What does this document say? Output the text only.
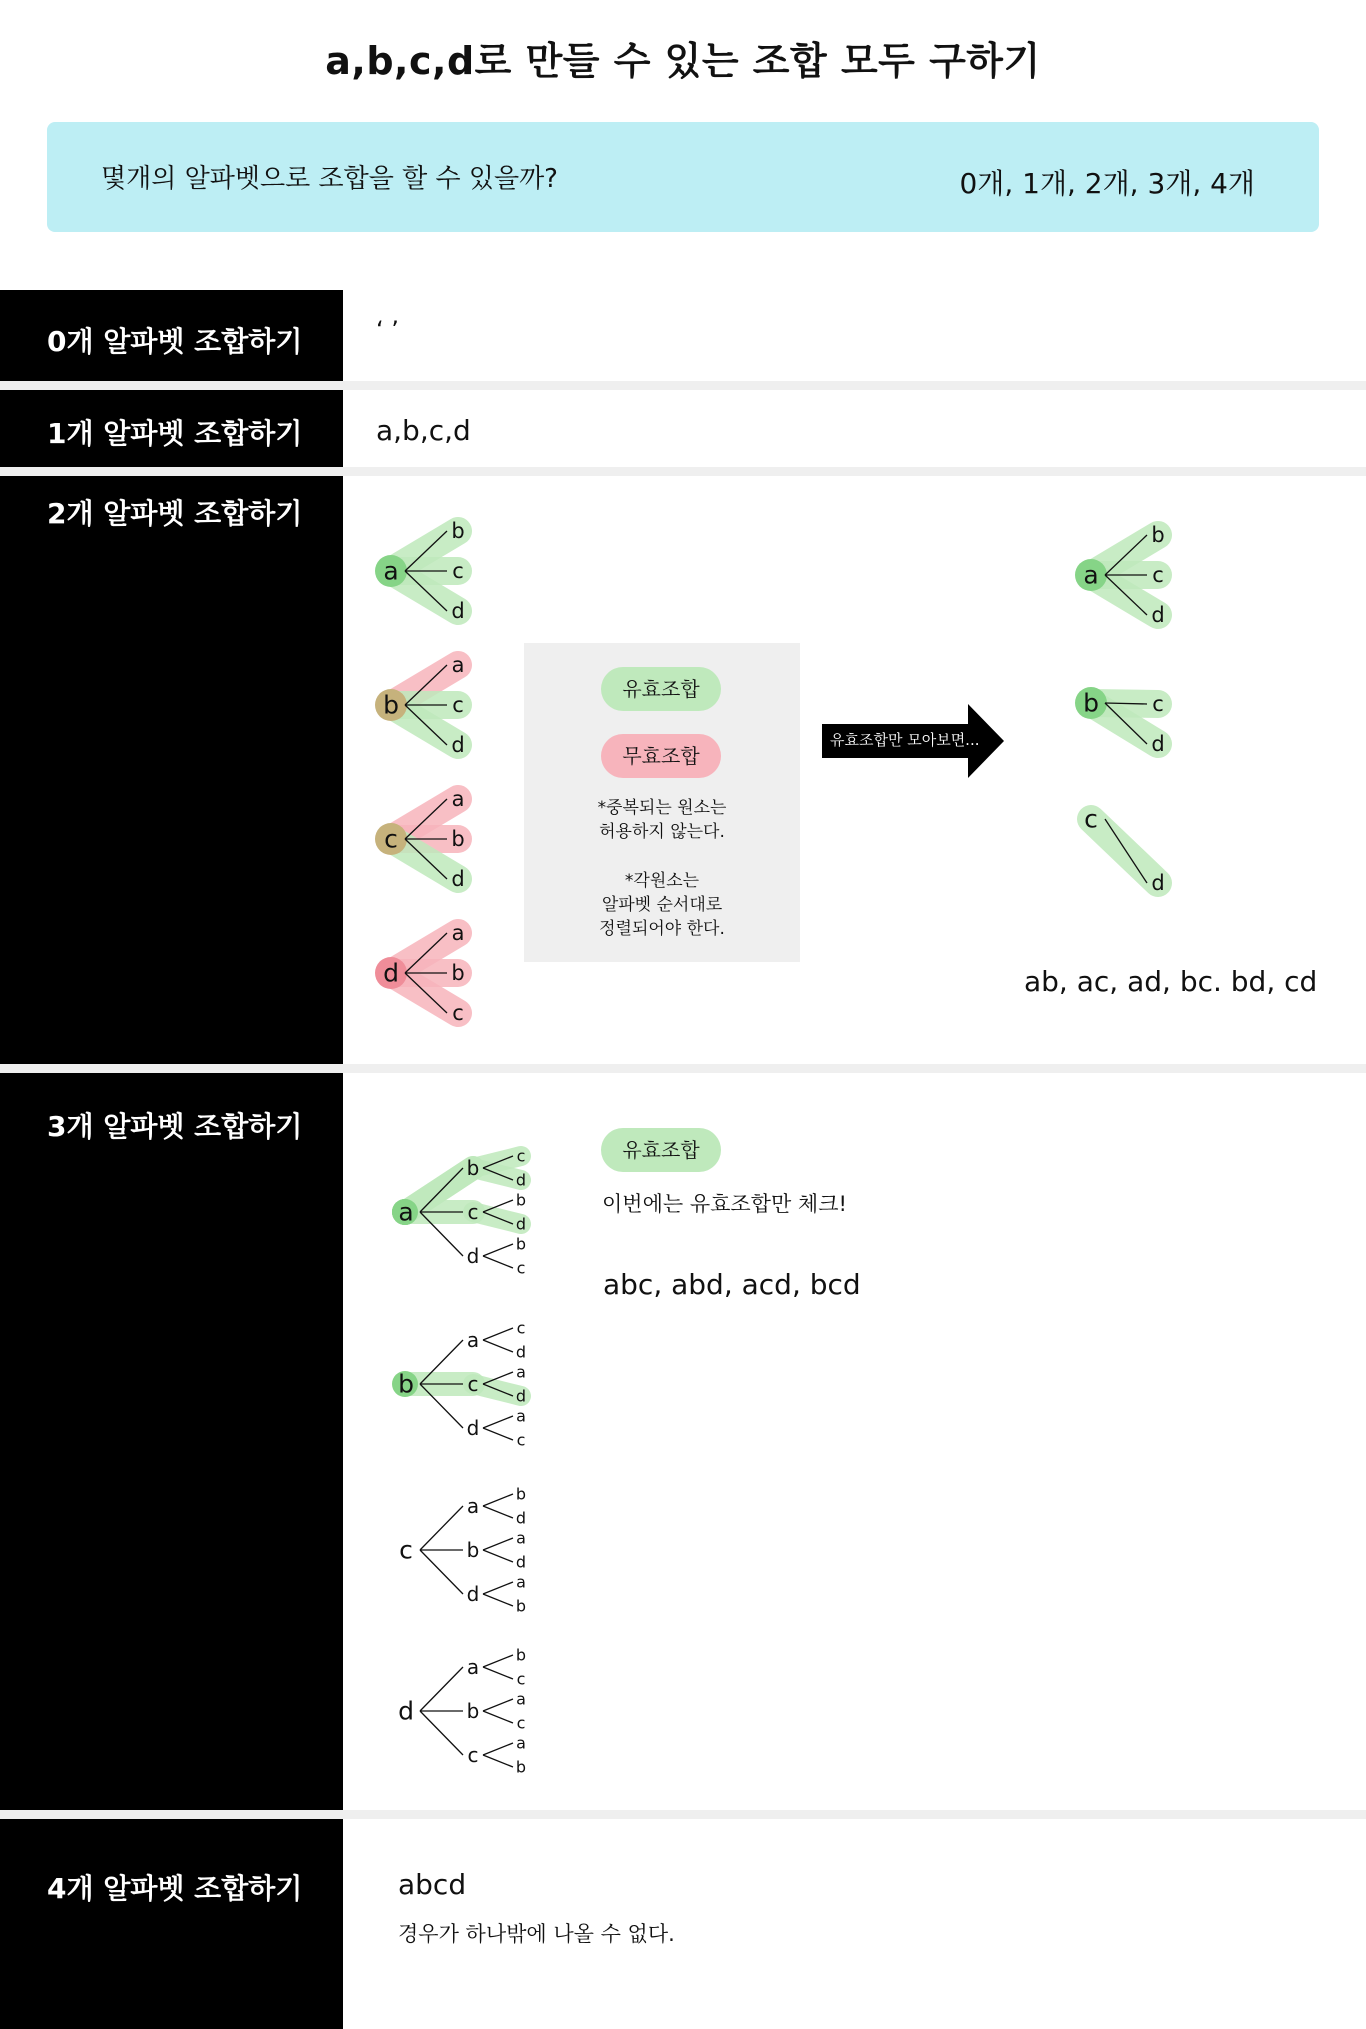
a,b,c,d로 만들 수 있는 조합 모두 구하기
몇개의 알파벳으로 조합을 할 수 있을까?	0개, 1개, 2개, 3개, 4개
0개 알파벳 조합하기	‘ ’
1개 알파벳 조합하기	a,b,c,d
2개 알파벳 조합하기
b
c
d
a
a
c
d
b
a
b
d
c
a
b
c
d
b
c
d
a
c
d
b
d
c
유효조합
무효조합
*중복되는 원소는
허용하지 않는다.
*각원소는
알파벳 순서대로
정렬되어야 한다.
유효조합만 모아보면...
ab, ac, ad, bc. bd, cd
3개 알파벳 조합하기
b c
d
c b
d
d b
c
a
a c
d
c a
d
d a
c
b
a b
d
b a
d
d a
b
c
a b
c
b a
c
c a
b
d
유효조합
이번에는 유효조합만 체크!
abc, abd, acd, bcd
4개 알파벳 조합하기	abcd
경우가 하나밖에 나올 수 없다.
